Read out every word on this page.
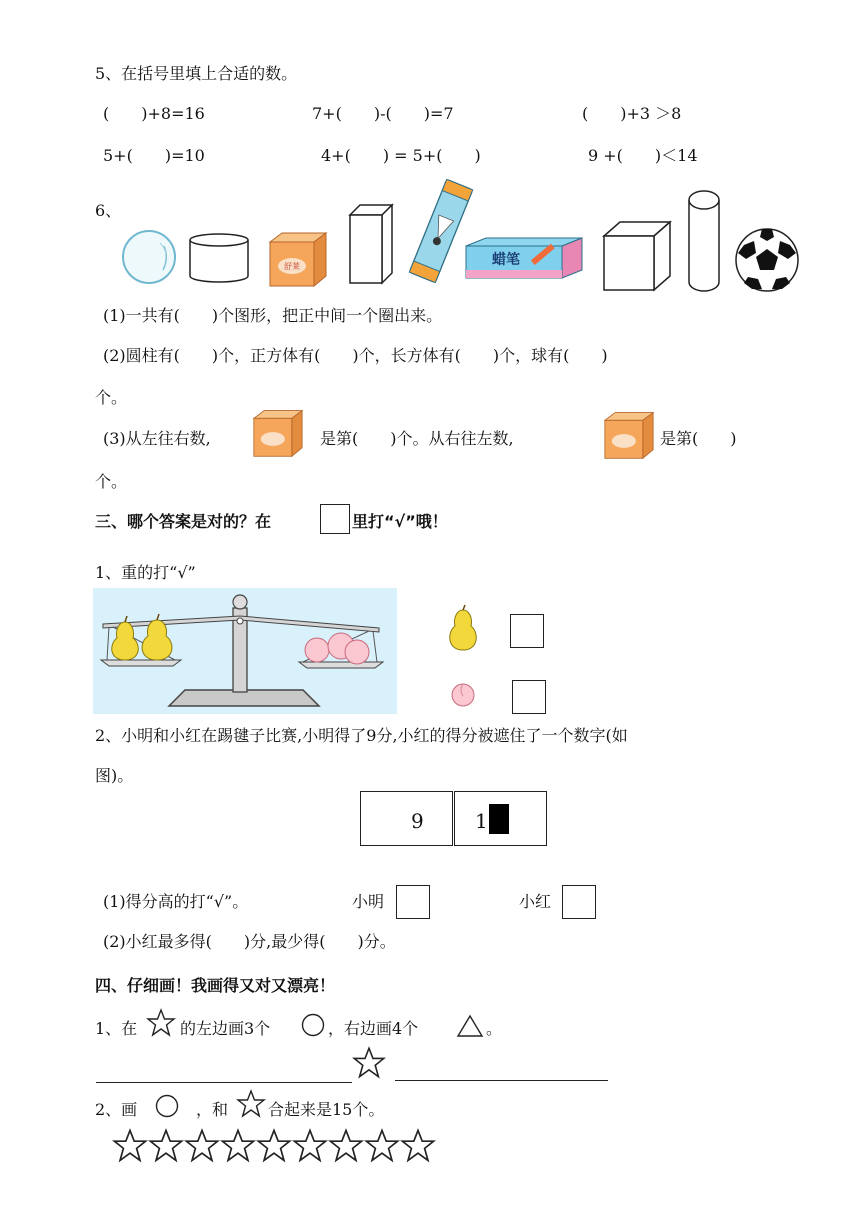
5、在括号里填上合适的数。
(　　)+8=16	7+(　　)-(　　)=7	(　　)+3 ＞8
5+(　　)=10	4+(　　) = 5+(　　)	9 +(　　)＜14
6、
舒莱	蜡笔
(1)一共有(　　)个图形，把正中间一个圈出来。
(2)圆柱有(　　)个，正方体有(　　)个，长方体有(　　)个，球有(　　)
个。
(3)从左往右数,	是第(　　)个。从右往左数,	是第(　　)
个。
三、哪个答案是对的？在	里打“√”哦！
1、重的打“√”
2、小明和小红在踢毽子比赛,小明得了9分,小红的得分被遮住了一个数字(如
图)。
9	1
(1)得分高的打“√”。	小明	小红
(2)小红最多得(　　)分,最少得(　　)分。
四、仔细画！我画得又对又漂亮！
1、在	的左边画3个	，右边画4个	。
2、画	，和 合起来是15个。
